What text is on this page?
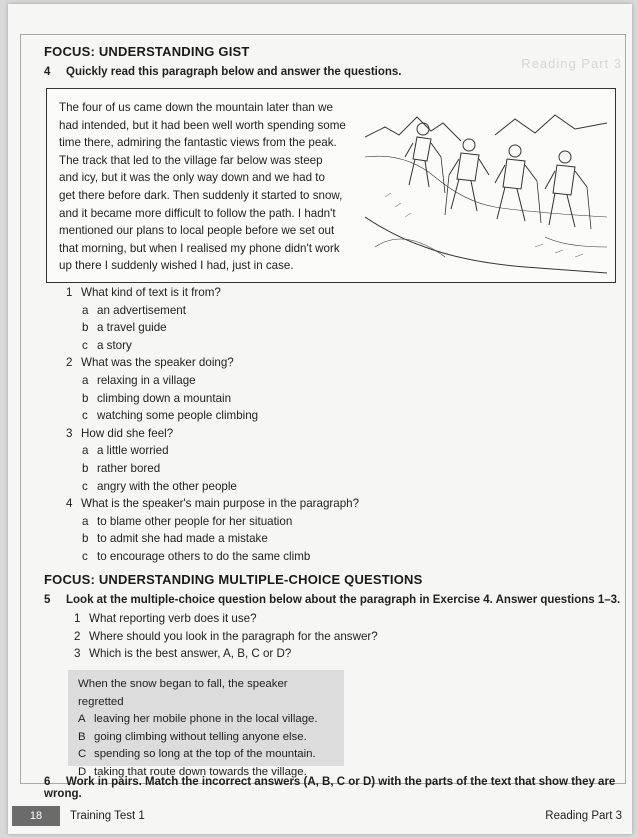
Reading Part 3
FOCUS: UNDERSTANDING GIST
4 Quickly read this paragraph below and answer the questions.
The four of us came down the mountain later than we
had intended, but it had been well worth spending some
time there, admiring the fantastic views from the peak.
The track that led to the village far below was steep
and icy, but it was the only way down and we had to
get there before dark. Then suddenly it started to snow,
and it became more difficult to follow the path. I hadn't
mentioned our plans to local people before we set out
that morning, but when I realised my phone didn't work
up there I suddenly wished I had, just in case.
1 What kind of text is it from?
a an advertisement
b a travel guide
c a story
2 What was the speaker doing?
a relaxing in a village
b climbing down a mountain
c watching some people climbing
3 How did she feel?
a a little worried
b rather bored
c angry with the other people
4 What is the speaker's main purpose in the paragraph?
a to blame other people for her situation
b to admit she had made a mistake
c to encourage others to do the same climb
FOCUS: UNDERSTANDING MULTIPLE-CHOICE QUESTIONS
5 Look at the multiple-choice question below about the paragraph in Exercise 4. Answer questions 1–3.
1 What reporting verb does it use?
2 Where should you look in the paragraph for the answer?
3 Which is the best answer, A, B, C or D?
When the snow began to fall, the speaker regretted
A leaving her mobile phone in the local village.
B going climbing without telling anyone else.
C spending so long at the top of the mountain.
D taking that route down towards the village.
6 Work in pairs. Match the incorrect answers (A, B, C or D) with the parts of the text that show they are wrong.
18	Training Test 1	Reading Part 3
